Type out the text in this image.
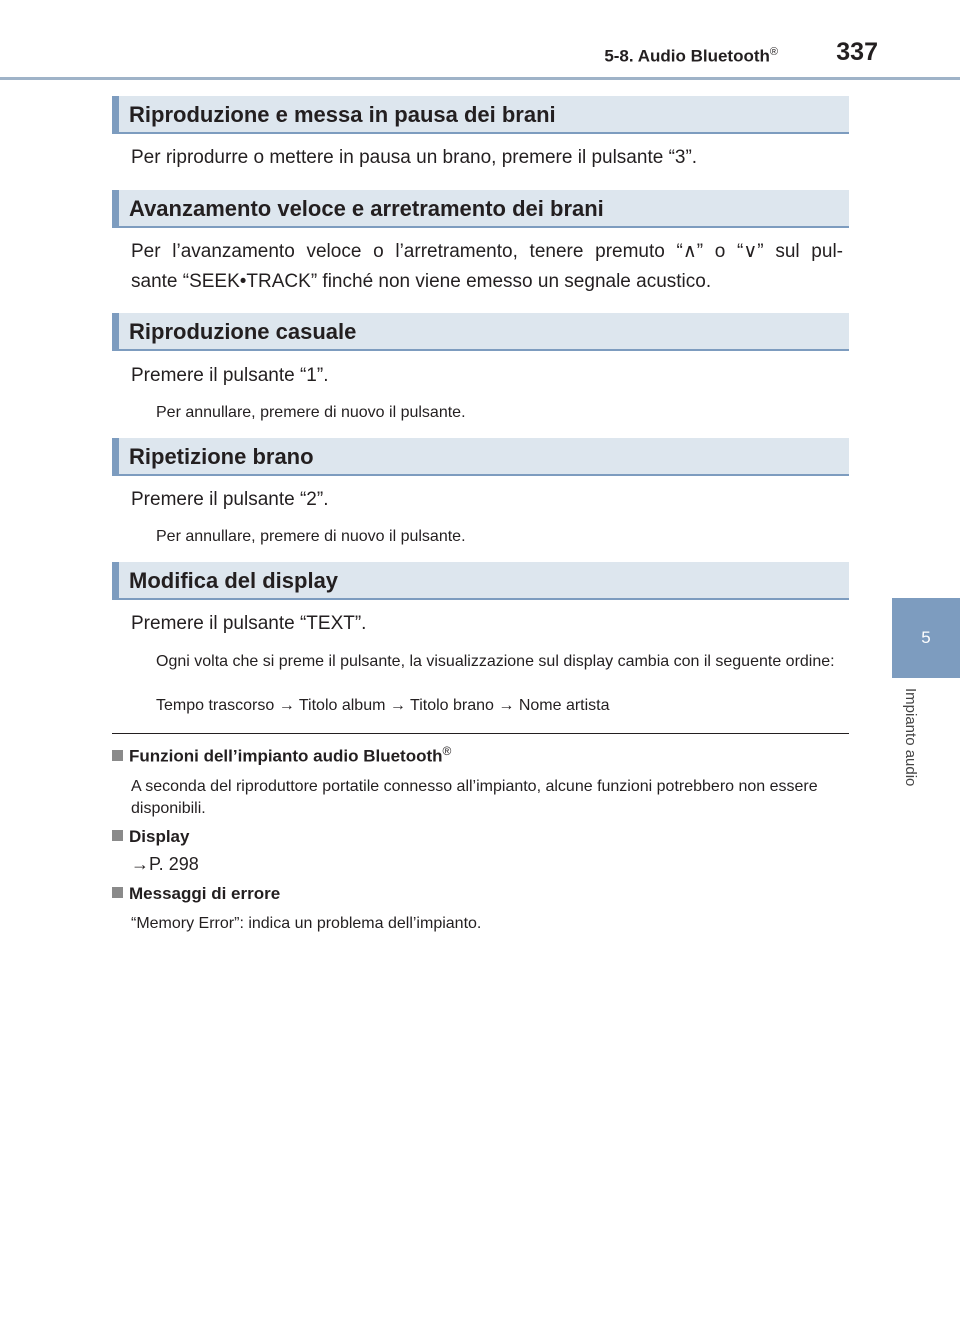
5-8. Audio Bluetooth® 337
5
Impianto audio
Riproduzione e messa in pausa dei brani
Per riprodurre o mettere in pausa un brano, premere il pulsante “3”.
Avanzamento veloce e arretramento dei brani
Per l’avanzamento veloce o l’arretramento, tenere premuto “∧” o “∨” sul pul-
sante “SEEK•TRACK” finché non viene emesso un segnale acustico.
Riproduzione casuale
Premere il pulsante “1”.
Per annullare, premere di nuovo il pulsante.
Ripetizione brano
Premere il pulsante “2”.
Per annullare, premere di nuovo il pulsante.
Modifica del display
Premere il pulsante “TEXT”.
Ogni volta che si preme il pulsante, la visualizzazione sul display cambia con il seguente ordine:
Tempo trascorso → Titolo album → Titolo brano → Nome artista
Funzioni dell’impianto audio Bluetooth®
A seconda del riproduttore portatile connesso all’impianto, alcune funzioni potrebbero non essere disponibili.
Display
→P. 298
Messaggi di errore
“Memory Error”: indica un problema dell’impianto.
